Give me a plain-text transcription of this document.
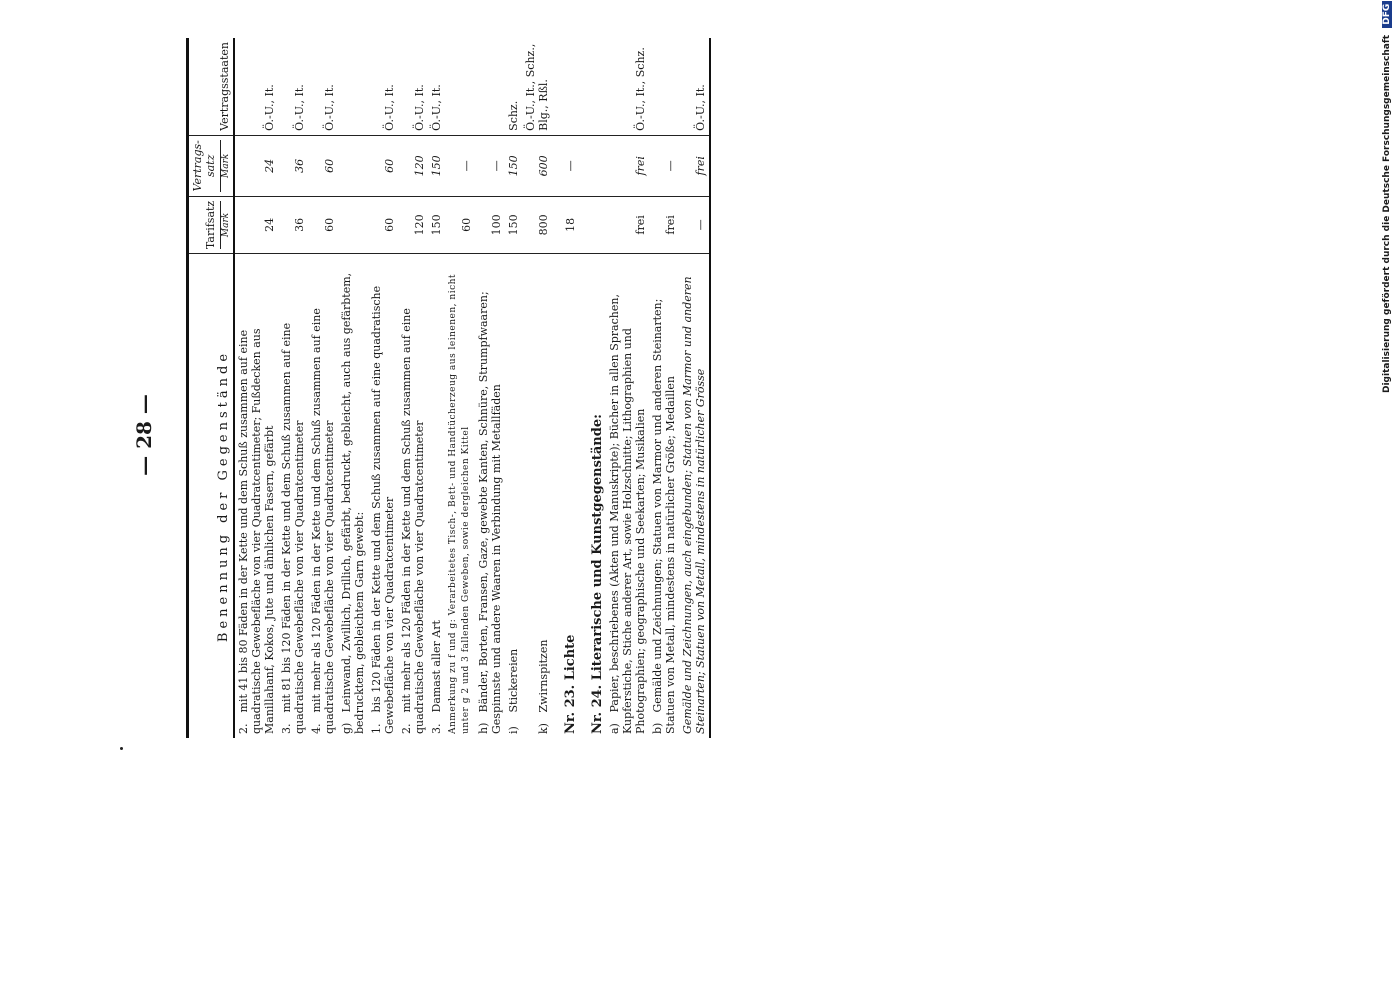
Digitalisierung gefördert durch die Deutsche Forschungsgemeinschaft DFG
— 28 —	Benennung der Gegenstände	Tarifsatz Mark	Vertrags-satz Mark	Vertragsstaaten
2. mit 41 bis 80 Fäden in der Kette und dem Schuß zusammen auf eine quadratische Gewebefläche von vier Quadratcentimeter; Fußdecken aus Manillahanf, Kokos, Jute und ähnlichen Fasern, gefärbt	24	24	Ö.-U., It.
3. mit 81 bis 120 Fäden in der Kette und dem Schuß zusammen auf eine quadratische Gewebefläche von vier Quadratcentimeter	36	36	Ö.-U., It.
4. mit mehr als 120 Fäden in der Kette und dem Schuß zusammen auf eine quadratische Gewebefläche von vier Quadratcentimeter	60	60	Ö.-U., It.
g) Leinwand, Zwillich, Drillich, gefärbt, bedruckt, gebleicht, auch aus gefärbtem, bedrucktem, gebleichtem Garn gewebt:			
1. bis 120 Fäden in der Kette und dem Schuß zusammen auf eine quadratische Gewebefläche von vier Quadratcentimeter	60	60	Ö.-U., It.
2. mit mehr als 120 Fäden in der Kette und dem Schuß zusammen auf eine quadratische Gewebefläche von vier Quadratcentimeter	120	120	Ö.-U., It.
3. Damast aller Art	150	150	Ö.-U., It.
Anmerkung zu f und g: Verarbeitetes Tisch-, Bett- und Handtücherzeug aus leinenen, nicht unter g 2 und 3 fallenden Geweben, sowie dergleichen Kittel	60	—	
h) Bänder, Borten, Fransen, Gaze, gewebte Kanten, Schnüre, Strumpfwaaren; Gespinnste und andere Waaren in Verbindung mit Metallfäden	100	—	
i) Stickereien	150	150	Schz.
k) Zwirnspitzen	800	600	Ö.-U., It., Schz., Blg., Rßl.
Nr. 23. Lichte	18	—	
Nr. 24. Literarische und Kunstgegenstände:			
a) Papier, beschriebenes (Akten und Manuskripte); Bücher in allen Sprachen, Kupferstiche, Stiche anderer Art, sowie Holzschnitte; Lithographien und Photographien; geographische und Seekarten; Musikalien	frei	frei	Ö.-U., It., Schz.
b) Gemälde und Zeichnungen; Statuen von Marmor und anderen Steinarten; Statuen von Metall, mindestens in natürlicher Größe; Medaillen	frei	—	
Gemälde und Zeichnungen, auch eingebunden; Statuen von Marmor und anderen Steinarten; Statuen von Metall, mindestens in natürlicher Grösse	—	frei	Ö.-U., It.
